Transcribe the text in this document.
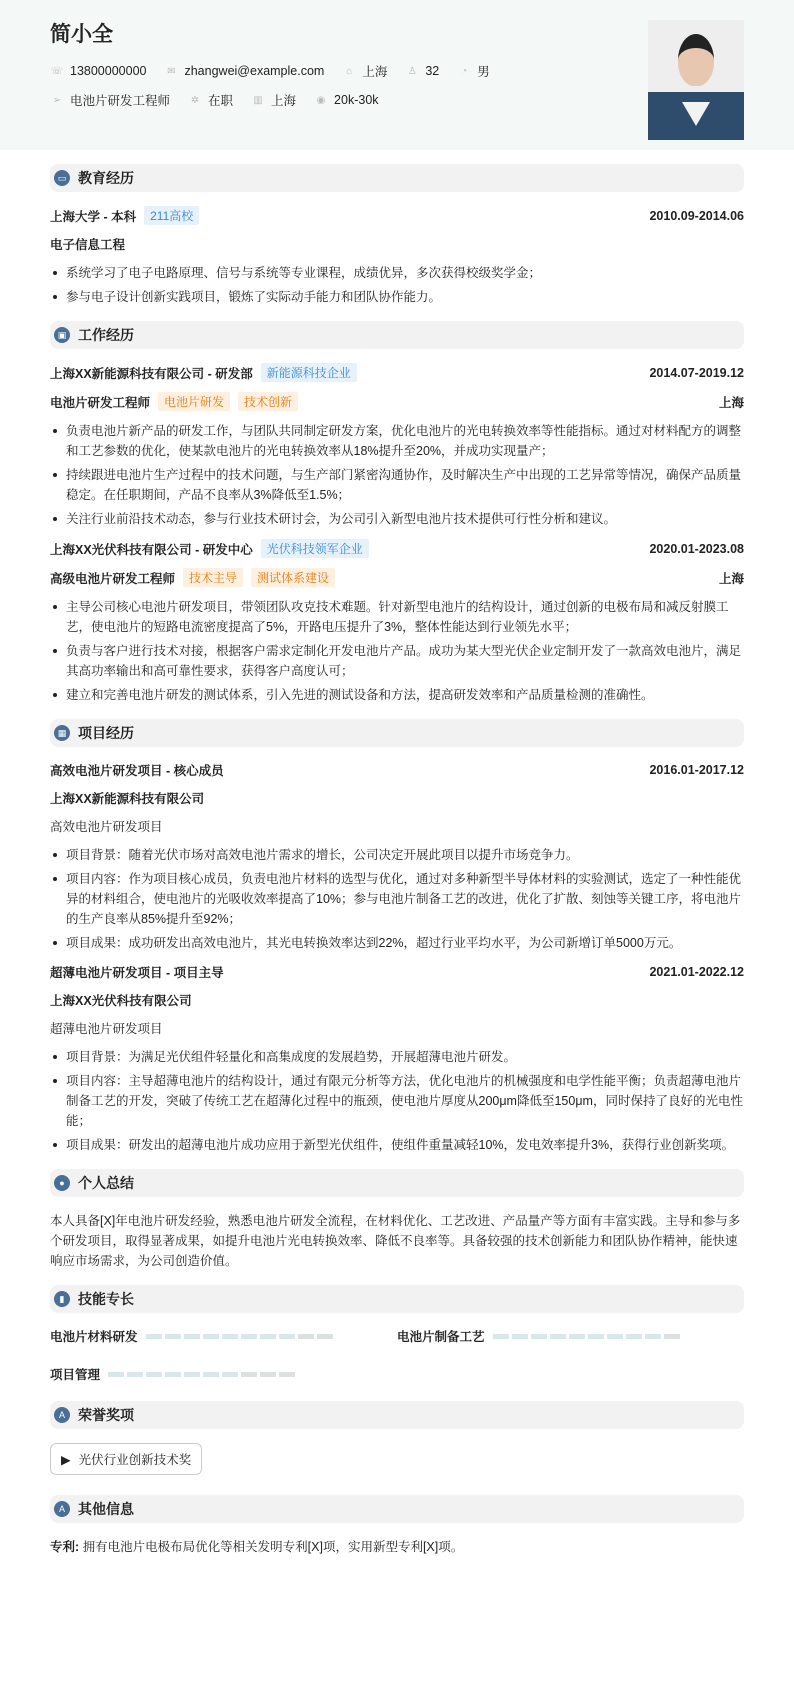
简小全
☏ 13800000000 ✉ zhangwei@example.com	⌂ 上海 ♙ 32	◔ 男
➢ 电池片研发工程师 ✲ 在职 ▥ 上海 ◉ 20k-30k
▭ 教育经历
上海大学 - 本科	211高校	2010.09-2014.06
电子信息工程
系统学习了电子电路原理、信号与系统等专业课程，成绩优异，多次获得校级奖学金；
参与电子设计创新实践项目，锻炼了实际动手能力和团队协作能力。
▣ 工作经历
上海XX新能源科技有限公司 - 研发部	新能源科技企业	2014.07-2019.12
电池片研发工程师	电池片研发	技术创新	上海
负责电池片新产品的研发工作，与团队共同制定研发方案，优化电池片的光电转换效率等性能指标。通过对材料配方的调整和工艺参数的优化，使某款电池片的光电转换效率从18%提升至20%，并成功实现量产；
持续跟进电池片生产过程中的技术问题，与生产部门紧密沟通协作，及时解决生产中出现的工艺异常等情况，确保产品质量稳定。在任职期间，产品不良率从3%降低至1.5%；
关注行业前沿技术动态，参与行业技术研讨会，为公司引入新型电池片技术提供可行性分析和建议。
上海XX光伏科技有限公司 - 研发中心	光伏科技领军企业	2020.01-2023.08
高级电池片研发工程师	技术主导	测试体系建设	上海
主导公司核心电池片研发项目，带领团队攻克技术难题。针对新型电池片的结构设计，通过创新的电极布局和减反射膜工艺，使电池片的短路电流密度提高了5%，开路电压提升了3%，整体性能达到行业领先水平；
负责与客户进行技术对接，根据客户需求定制化开发电池片产品。成功为某大型光伏企业定制开发了一款高效电池片，满足其高功率输出和高可靠性要求，获得客户高度认可；
建立和完善电池片研发的测试体系，引入先进的测试设备和方法，提高研发效率和产品质量检测的准确性。
▦ 项目经历
高效电池片研发项目 - 核心成员	2016.01-2017.12
上海XX新能源科技有限公司
高效电池片研发项目
项目背景：随着光伏市场对高效电池片需求的增长，公司决定开展此项目以提升市场竞争力。
项目内容：作为项目核心成员，负责电池片材料的选型与优化，通过对多种新型半导体材料的实验测试，选定了一种性能优异的材料组合，使电池片的光吸收效率提高了10%；参与电池片制备工艺的改进，优化了扩散、刻蚀等关键工序，将电池片的生产良率从85%提升至92%；
项目成果：成功研发出高效电池片，其光电转换效率达到22%，超过行业平均水平，为公司新增订单5000万元。
超薄电池片研发项目 - 项目主导	2021.01-2022.12
上海XX光伏科技有限公司
超薄电池片研发项目
项目背景：为满足光伏组件轻量化和高集成度的发展趋势，开展超薄电池片研发。
项目内容：主导超薄电池片的结构设计，通过有限元分析等方法，优化电池片的机械强度和电学性能平衡；负责超薄电池片制备工艺的开发，突破了传统工艺在超薄化过程中的瓶颈，使电池片厚度从200μm降低至150μm，同时保持了良好的光电性能；
项目成果：研发出的超薄电池片成功应用于新型光伏组件，使组件重量减轻10%，发电效率提升3%，获得行业创新奖项。
● 个人总结
本人具备[X]年电池片研发经验，熟悉电池片研发全流程，在材料优化、工艺改进、产品量产等方面有丰富实践。主导和参与多个研发项目，取得显著成果，如提升电池片光电转换效率、降低不良率等。具备较强的技术创新能力和团队协作精神，能快速响应市场需求，为公司创造价值。
▮ 技能专长
电池片材料研发	电池片制备工艺
项目管理
A 荣誉奖项
▶ 光伏行业创新技术奖
A 其他信息
专利: 拥有电池片电极布局优化等相关发明专利[X]项，实用新型专利[X]项。
